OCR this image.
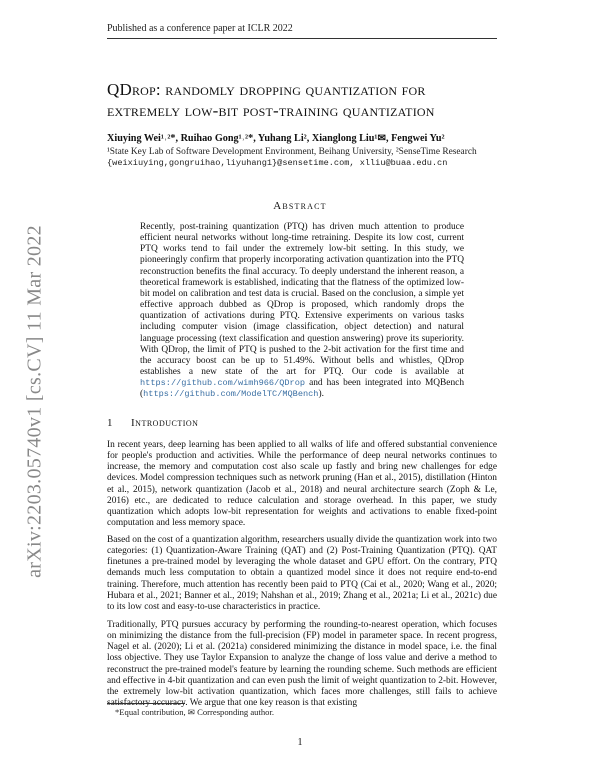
Published as a conference paper at ICLR 2022
QDrop: randomly dropping quantization for
extremely low-bit post-training quantization
Xiuying Wei¹˒²*, Ruihao Gong¹˒²*, Yuhang Li², Xianglong Liu¹✉, Fengwei Yu²
¹State Key Lab of Software Development Environment, Beihang University, ²SenseTime Research
{weixiuying,gongruihao,liyuhang1}@sensetime.com, xlliu@buaa.edu.cn
arXiv:2203.05740v1 [cs.CV] 11 Mar 2022
Abstract
Recently, post-training quantization (PTQ) has driven much attention to produce efficient neural networks without long-time retraining. Despite its low cost, current PTQ works tend to fail under the extremely low-bit setting. In this study, we pioneeringly confirm that properly incorporating activation quantization into the PTQ reconstruction benefits the final accuracy. To deeply understand the inherent reason, a theoretical framework is established, indicating that the flatness of the optimized low-bit model on calibration and test data is crucial. Based on the conclusion, a simple yet effective approach dubbed as QDrop is proposed, which randomly drops the quantization of activations during PTQ. Extensive experiments on various tasks including computer vision (image classification, object detection) and natural language processing (text classification and question answering) prove its superiority. With QDrop, the limit of PTQ is pushed to the 2-bit activation for the first time and the accuracy boost can be up to 51.49%. Without bells and whistles, QDrop establishes a new state of the art for PTQ. Our code is available at https://github.com/wimh966/QDrop and has been integrated into MQBench (https://github.com/ModelTC/MQBench).
1 Introduction
In recent years, deep learning has been applied to all walks of life and offered substantial convenience for people's production and activities. While the performance of deep neural networks continues to increase, the memory and computation cost also scale up fastly and bring new challenges for edge devices. Model compression techniques such as network pruning (Han et al., 2015), distillation (Hinton et al., 2015), network quantization (Jacob et al., 2018) and neural architecture search (Zoph & Le, 2016) etc., are dedicated to reduce calculation and storage overhead. In this paper, we study quantization which adopts low-bit representation for weights and activations to enable fixed-point computation and less memory space.
Based on the cost of a quantization algorithm, researchers usually divide the quantization work into two categories: (1) Quantization-Aware Training (QAT) and (2) Post-Training Quantization (PTQ). QAT finetunes a pre-trained model by leveraging the whole dataset and GPU effort. On the contrary, PTQ demands much less computation to obtain a quantized model since it does not require end-to-end training. Therefore, much attention has recently been paid to PTQ (Cai et al., 2020; Wang et al., 2020; Hubara et al., 2021; Banner et al., 2019; Nahshan et al., 2019; Zhang et al., 2021a; Li et al., 2021c) due to its low cost and easy-to-use characteristics in practice.
Traditionally, PTQ pursues accuracy by performing the rounding-to-nearest operation, which focuses on minimizing the distance from the full-precision (FP) model in parameter space. In recent progress, Nagel et al. (2020); Li et al. (2021a) considered minimizing the distance in model space, i.e. the final loss objective. They use Taylor Expansion to analyze the change of loss value and derive a method to reconstruct the pre-trained model's feature by learning the rounding scheme. Such methods are efficient and effective in 4-bit quantization and can even push the limit of weight quantization to 2-bit. However, the extremely low-bit activation quantization, which faces more challenges, still fails to achieve satisfactory accuracy. We argue that one key reason is that existing
*Equal contribution, ✉ Corresponding author.
1
